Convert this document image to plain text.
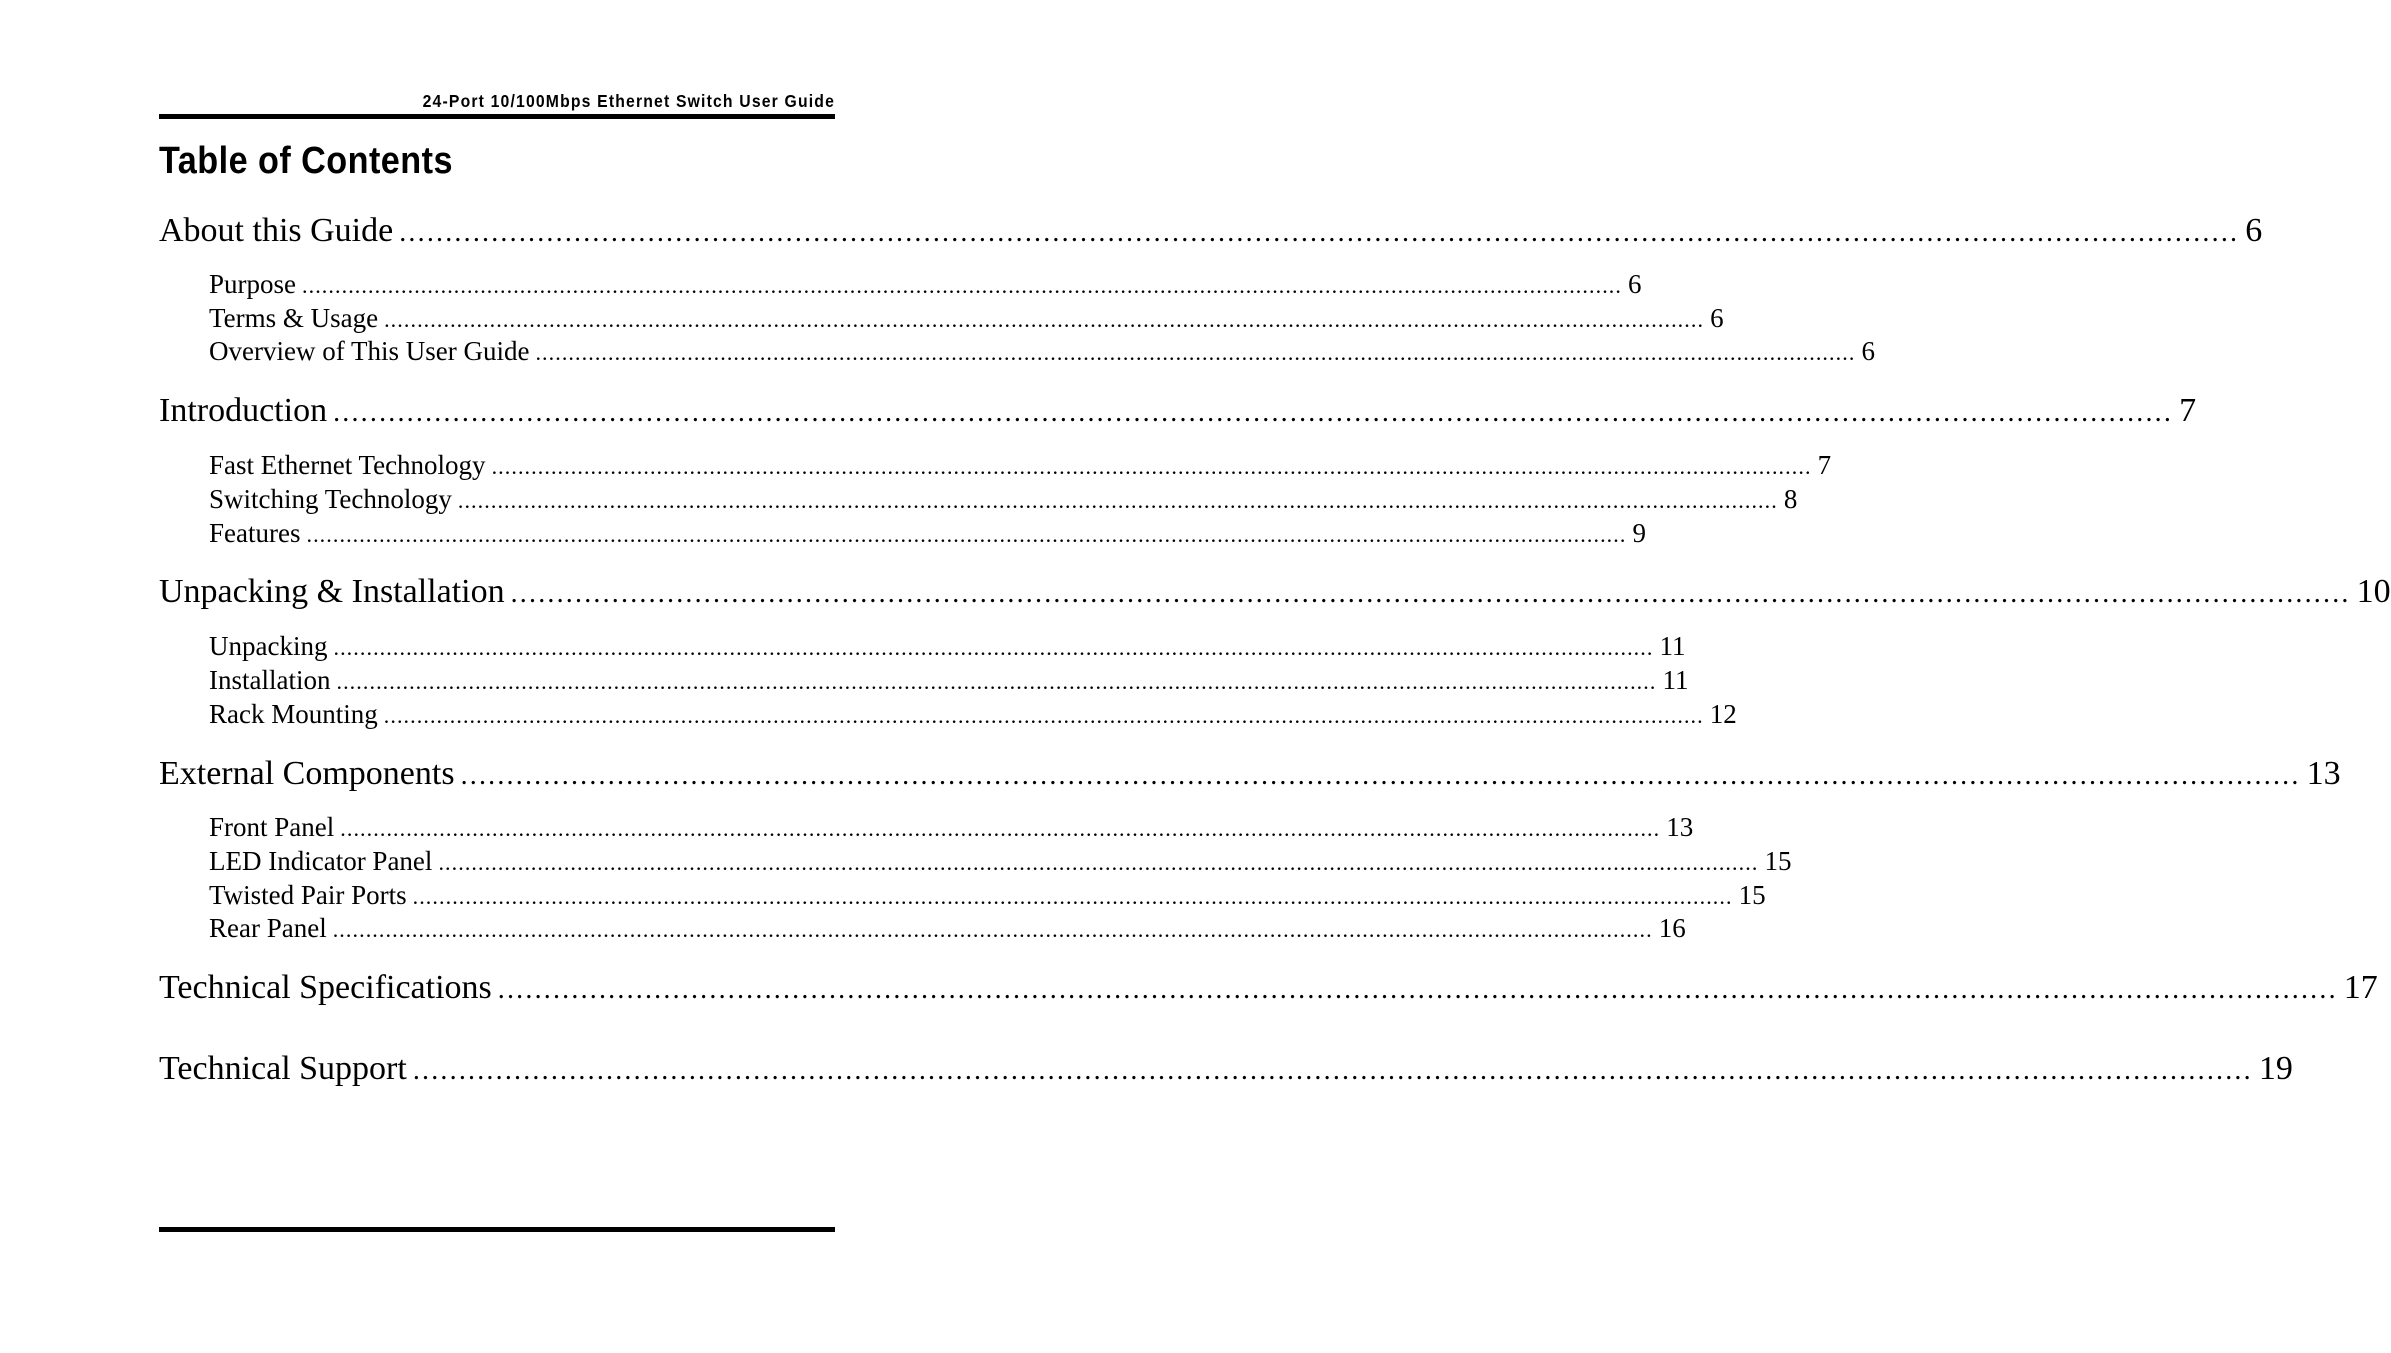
24-Port 10/100Mbps Ethernet Switch User Guide
Table of Contents
About this Guide ........................................................................................................................................................................................................ 6
Purpose ........................................................................................................................................................................................................ 6
Terms & Usage ........................................................................................................................................................................................................ 6
Overview of This User Guide ........................................................................................................................................................................................................ 6
Introduction ........................................................................................................................................................................................................ 7
Fast Ethernet Technology ........................................................................................................................................................................................................ 7
Switching Technology ........................................................................................................................................................................................................ 8
Features ........................................................................................................................................................................................................ 9
Unpacking & Installation ........................................................................................................................................................................................................ 10
Unpacking ........................................................................................................................................................................................................ 11
Installation ........................................................................................................................................................................................................ 11
Rack Mounting ........................................................................................................................................................................................................ 12
External Components ........................................................................................................................................................................................................ 13
Front Panel ........................................................................................................................................................................................................ 13
LED Indicator Panel ........................................................................................................................................................................................................ 15
Twisted Pair Ports ........................................................................................................................................................................................................ 15
Rear Panel ........................................................................................................................................................................................................ 16
Technical Specifications ........................................................................................................................................................................................................ 17
Technical Support ........................................................................................................................................................................................................ 19
